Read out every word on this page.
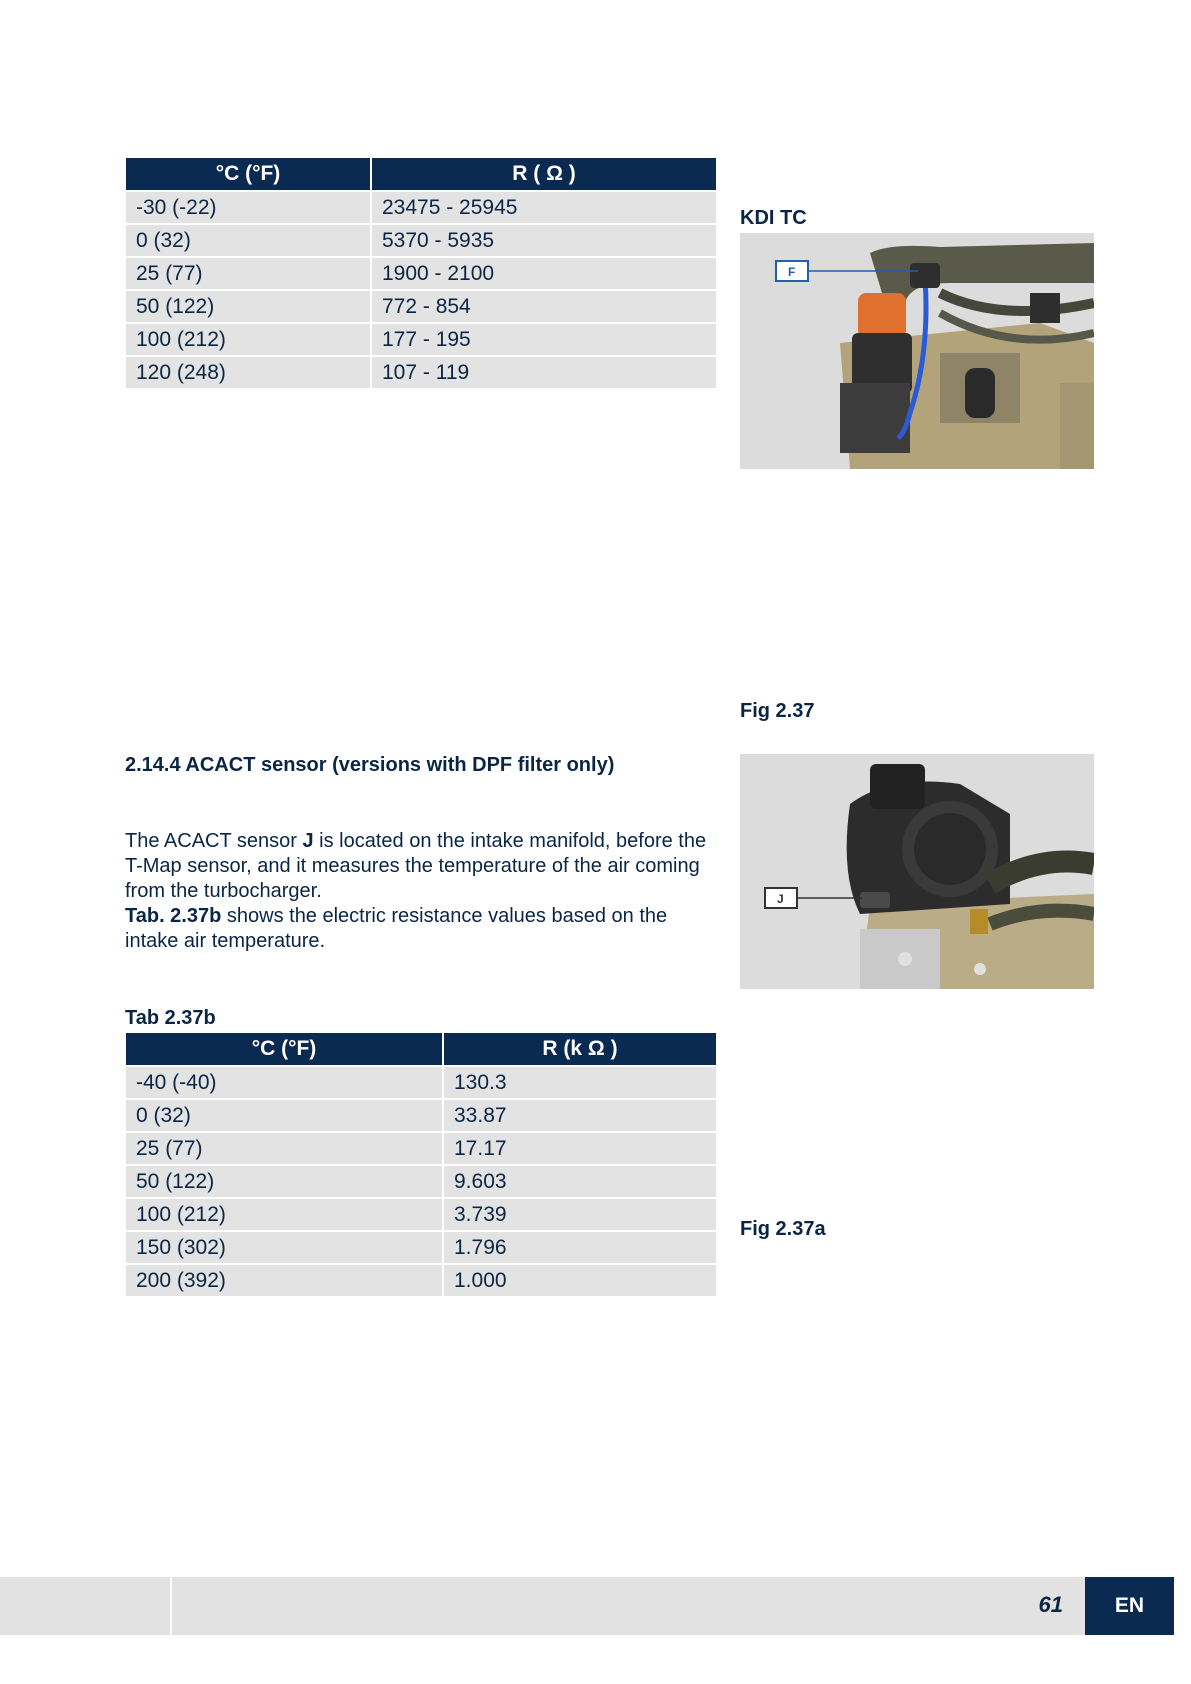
°C (°F)	R ( Ω )
-30 (-22)	23475 - 25945
0 (32)	5370 - 5935
25 (77)	1900 - 2100
50 (122)	772 - 854
100 (212)	177 - 195
120 (248)	107 - 119
KDI TC
F
Fig 2.37
2.14.4 ACACT sensor (versions with DPF filter only)
The ACACT sensor J is located on the intake manifold, before the T-Map sensor, and it measures the temperature of the air coming from the turbocharger.
Tab. 2.37b shows the electric resistance values based on the intake air temperature.
J
Fig 2.37a
Tab 2.37b
°C (°F)	R (k Ω )
-40 (-40)	130.3
0 (32)	33.87
25 (77)	17.17
50 (122)	9.603
100 (212)	3.739
150 (302)	1.796
200 (392)	1.000
61	EN
